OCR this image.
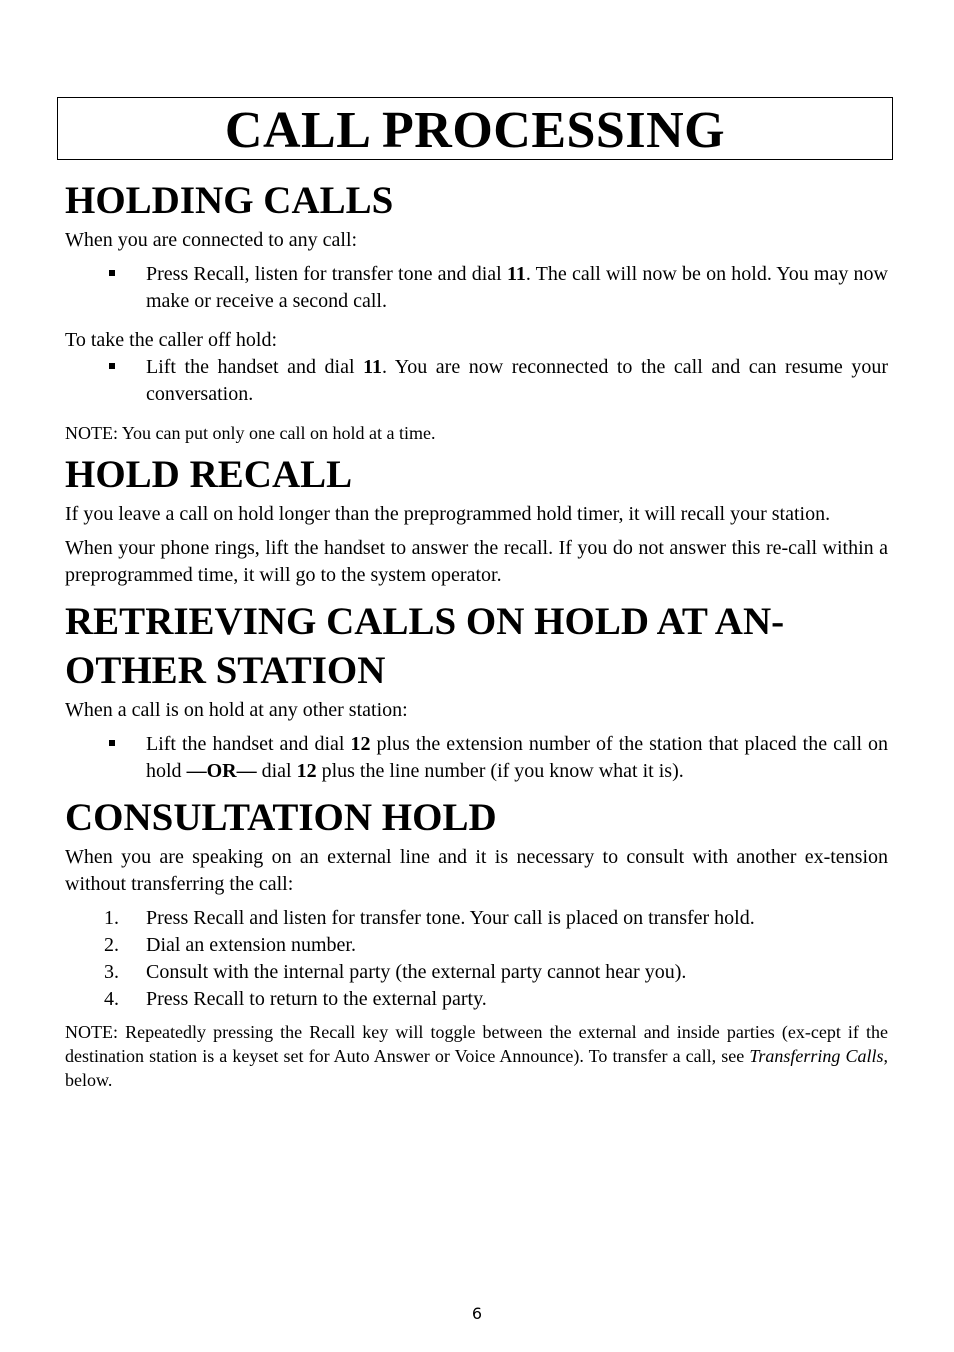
CALL PROCESSING
HOLDING CALLS

When you are connected to any call:

Press Recall, listen for transfer tone and dial 11. The call will now be on hold. You may now make or receive a second call.

To take the caller off hold:

Lift the handset and dial 11. You are now reconnected to the call and can resume your conversation.

NOTE: You can put only one call on hold at a time.

HOLD RECALL

If you leave a call on hold longer than the preprogrammed hold timer, it will recall your station.

When your phone rings, lift the handset to answer the recall. If you do not answer this re-call within a preprogrammed time, it will go to the system operator.

RETRIEVING CALLS ON HOLD AT AN-
OTHER STATION

When a call is on hold at any other station:

Lift the handset and dial 12 plus the extension number of the station that placed the call on hold —OR— dial 12 plus the line number (if you know what it is).
CONSULTATION HOLD

When you are speaking on an external line and it is necessary to consult with another ex-tension without transferring the call:

1. Press Recall and listen for transfer tone. Your call is placed on transfer hold.
2. Dial an extension number.
3. Consult with the internal party (the external party cannot hear you).
4. Press Recall to return to the external party.

NOTE: Repeatedly pressing the Recall key will toggle between the external and inside parties (ex-cept if the destination station is a keyset set for Auto Answer or Voice Announce). To transfer a call, see Transferring Calls, below.

6
